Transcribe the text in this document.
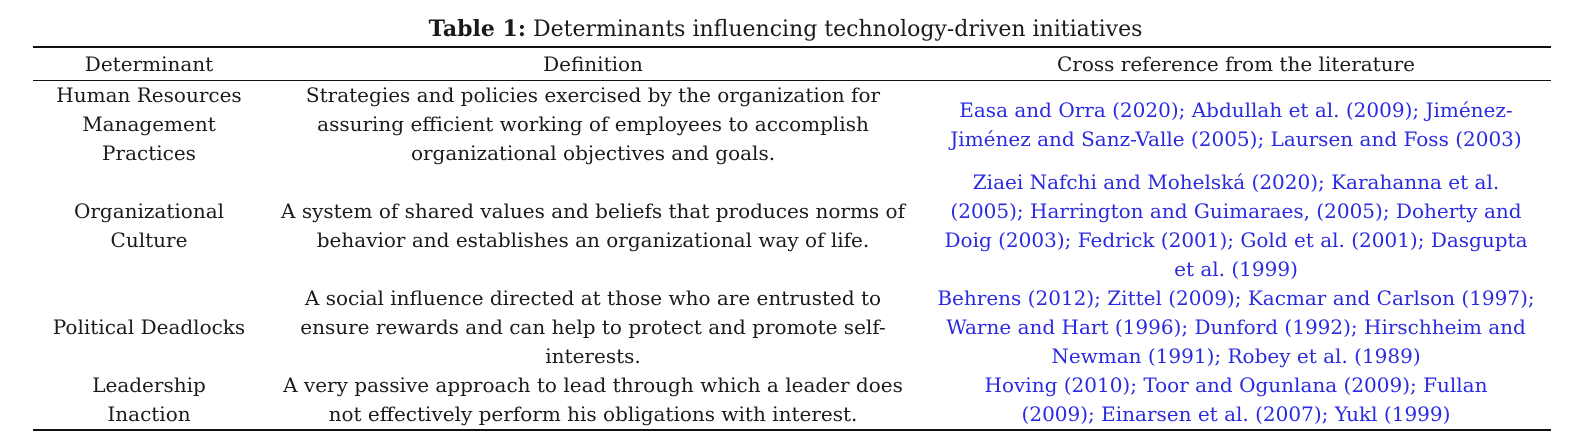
Table 1: Determinants influencing technology-driven initiatives
Determinant	Definition	Cross reference from the literature
Human Resources Management Practices	Strategies and policies exercised by the organization for assuring efficient working of employees to accomplish organizational objectives and goals.	Easa and Orra (2020); Abdullah et al. (2009); Jiménez-Jiménez and Sanz-Valle (2005); Laursen and Foss (2003)
Organizational Culture	A system of shared values and beliefs that produces norms of behavior and establishes an organizational way of life.	Ziaei Nafchi and Mohelská (2020); Karahanna et al. (2005); Harrington and Guimaraes, (2005); Doherty and Doig (2003); Fedrick (2001); Gold et al. (2001); Dasgupta et al. (1999)
Political Deadlocks	A social influence directed at those who are entrusted to ensure rewards and can help to protect and promote self-interests.	Behrens (2012); Zittel (2009); Kacmar and Carlson (1997); Warne and Hart (1996); Dunford (1992); Hirschheim and Newman (1991); Robey et al. (1989)
Leadership Inaction	A very passive approach to lead through which a leader does not effectively perform his obligations with interest.	Hoving (2010); Toor and Ogunlana (2009); Fullan (2009); Einarsen et al. (2007); Yukl (1999)
